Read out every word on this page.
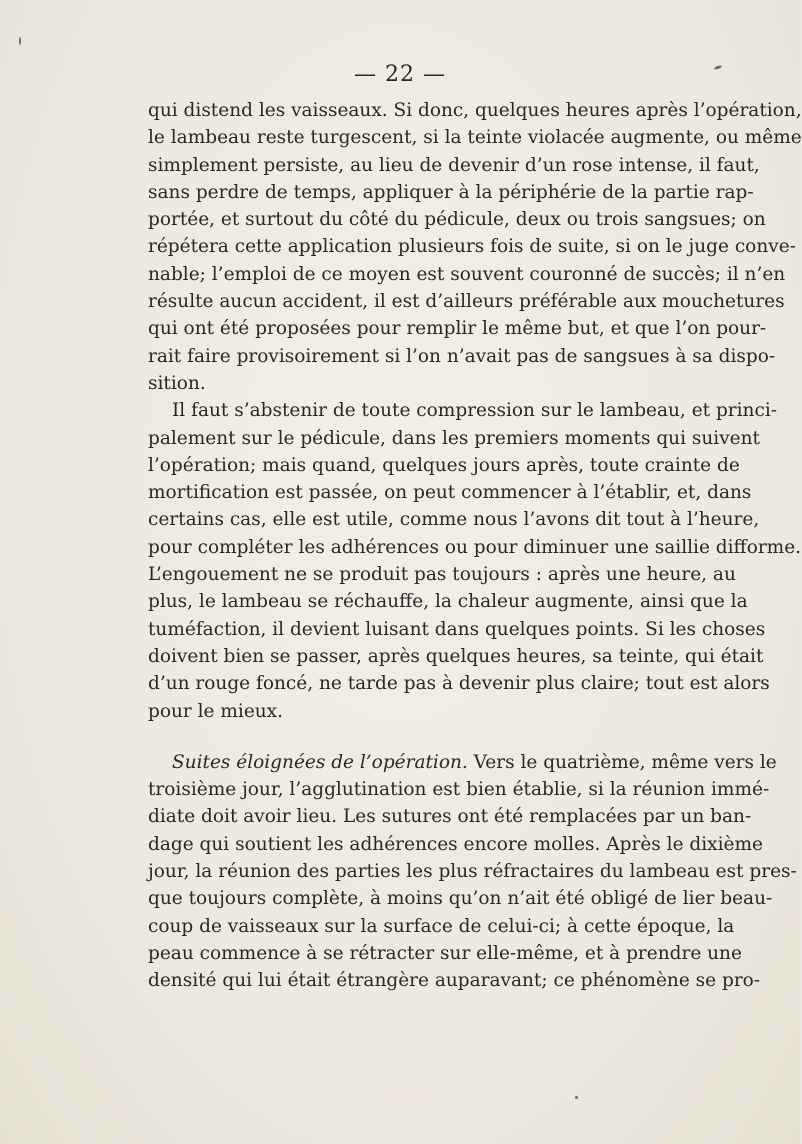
— 22 —
qui distend les vaisseaux. Si donc, quelques heures après l’opération,
le lambeau reste turgescent, si la teinte violacée augmente, ou même
simplement persiste, au lieu de devenir d’un rose intense, il faut,
sans perdre de temps, appliquer à la périphérie de la partie rap-
portée, et surtout du côté du pédicule, deux ou trois sangsues; on
répétera cette application plusieurs fois de suite, si on le juge conve-
nable; l’emploi de ce moyen est souvent couronné de succès; il n’en
résulte aucun accident, il est d’ailleurs préférable aux mouchetures
qui ont été proposées pour remplir le même but, et que l’on pour-
rait faire provisoirement si l’on n’avait pas de sangsues à sa dispo-
sition.
Il faut s’abstenir de toute compression sur le lambeau, et princi-
palement sur le pédicule, dans les premiers moments qui suivent
l’opération; mais quand, quelques jours après, toute crainte de
mortification est passée, on peut commencer à l’établir, et, dans
certains cas, elle est utile, comme nous l’avons dit tout à l’heure,
pour compléter les adhérences ou pour diminuer une saillie difforme.
L’engouement ne se produit pas toujours : après une heure, au
plus, le lambeau se réchauffe, la chaleur augmente, ainsi que la
tuméfaction, il devient luisant dans quelques points. Si les choses
doivent bien se passer, après quelques heures, sa teinte, qui était
d’un rouge foncé, ne tarde pas à devenir plus claire; tout est alors
pour le mieux.
Suites éloignées de l’opération. Vers le quatrième, même vers le
troisième jour, l’agglutination est bien établie, si la réunion immé-
diate doit avoir lieu. Les sutures ont été remplacées par un ban-
dage qui soutient les adhérences encore molles. Après le dixième
jour, la réunion des parties les plus réfractaires du lambeau est pres-
que toujours complète, à moins qu’on n’ait été obligé de lier beau-
coup de vaisseaux sur la surface de celui-ci; à cette époque, la
peau commence à se rétracter sur elle-même, et à prendre une
densité qui lui était étrangère auparavant; ce phénomène se pro-
